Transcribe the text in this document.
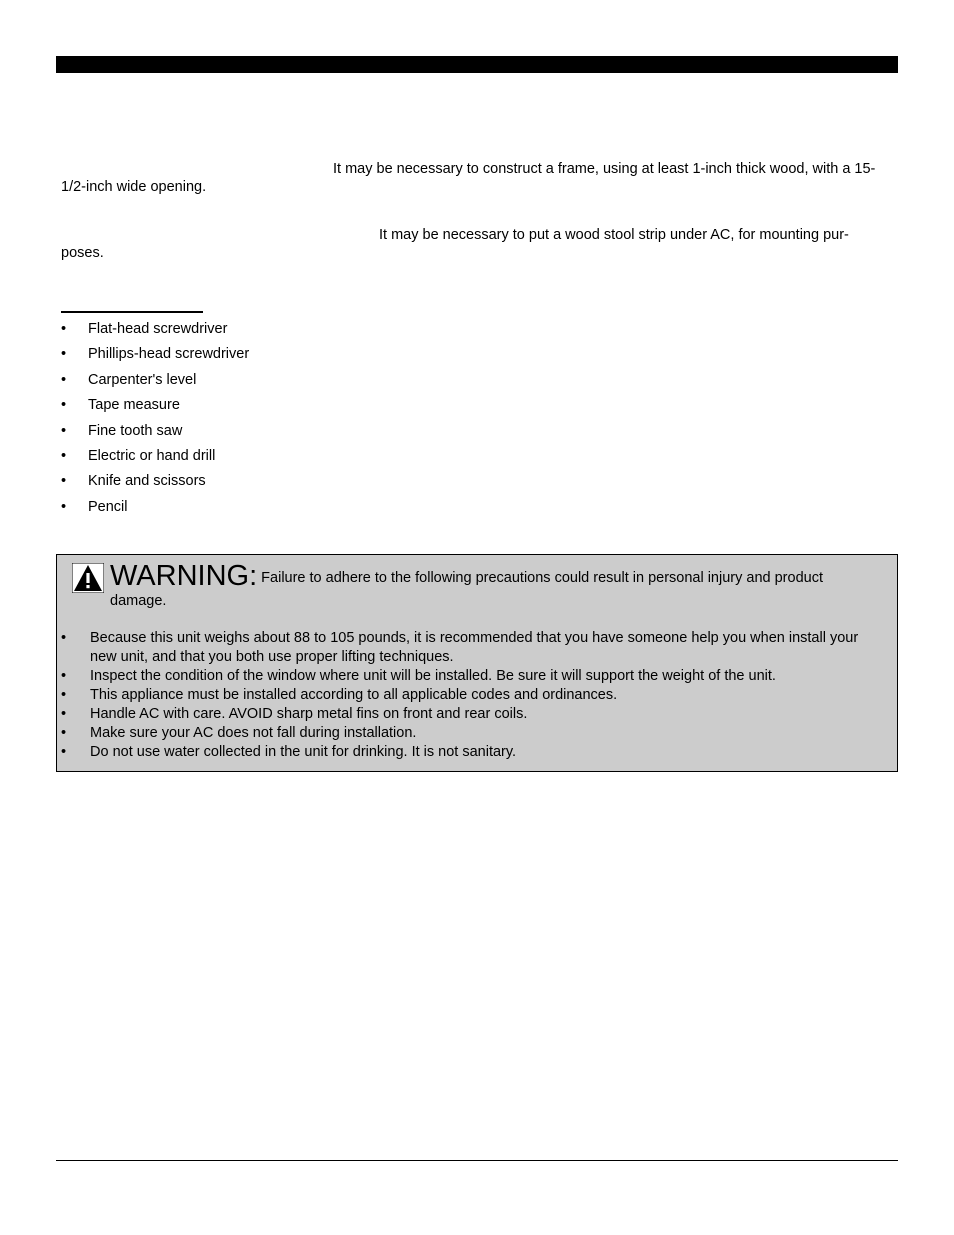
It may be necessary to construct a frame, using at least 1-inch thick wood, with a 15-1/2-inch wide opening.

It may be necessary to put a wood stool strip under AC, for mounting pur-poses.

• Flat-head screwdriver
• Phillips-head screwdriver
• Carpenter's level
• Tape measure
• Fine tooth saw
• Electric or hand drill
• Knife and scissors
• Pencil
WARNING: Failure to adhere to the following precautions could result in personal injury and product damage.
• Because this unit weighs about 88 to 105 pounds, it is recommended that you have someone help you when install your new unit, and that you both use proper lifting techniques.
• Inspect the condition of the window where unit will be installed. Be sure it will support the weight of the unit.
• This appliance must be installed according to all applicable codes and ordinances.
• Handle AC with care. AVOID sharp metal fins on front and rear coils.
• Make sure your AC does not fall during installation.
• Do not use water collected in the unit for drinking. It is not sanitary.
